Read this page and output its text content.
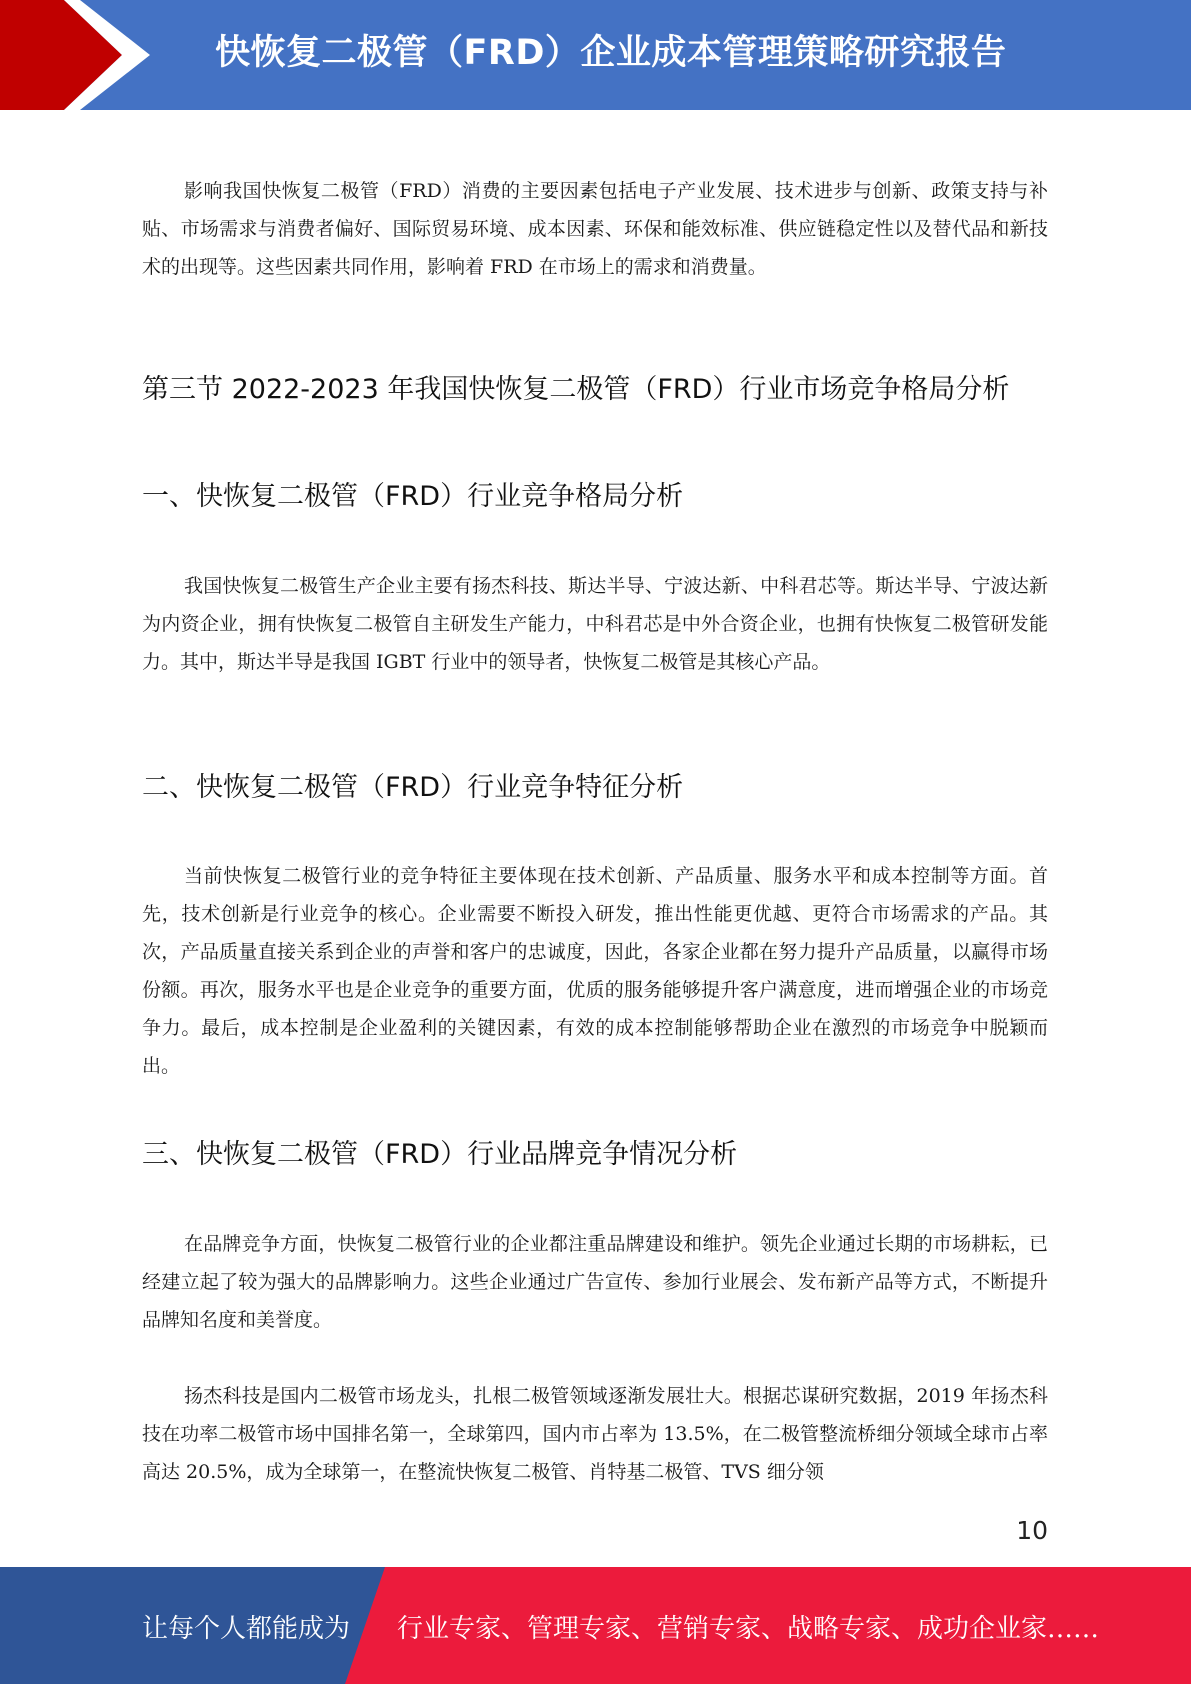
快恢复二极管（FRD）企业成本管理策略研究报告

影响我国快恢复二极管（FRD）消费的主要因素包括电子产业发展、技术进步与创新、政策支持与补贴、市场需求与消费者偏好、国际贸易环境、成本因素、环保和能效标准、供应链稳定性以及替代品和新技术的出现等。这些因素共同作用，影响着 FRD 在市场上的需求和消费量。

第三节 2022-2023 年我国快恢复二极管（FRD）行业市场竞争格局分析
一、快恢复二极管（FRD）行业竞争格局分析

我国快恢复二极管生产企业主要有扬杰科技、斯达半导、宁波达新、中科君芯等。斯达半导、宁波达新为内资企业，拥有快恢复二极管自主研发生产能力，中科君芯是中外合资企业，也拥有快恢复二极管研发能力。其中，斯达半导是我国 IGBT 行业中的领导者，快恢复二极管是其核心产品。

二、快恢复二极管（FRD）行业竞争特征分析

当前快恢复二极管行业的竞争特征主要体现在技术创新、产品质量、服务水平和成本控制等方面。首先，技术创新是行业竞争的核心。企业需要不断投入研发，推出性能更优越、更符合市场需求的产品。其次，产品质量直接关系到企业的声誉和客户的忠诚度，因此，各家企业都在努力提升产品质量，以赢得市场份额。再次，服务水平也是企业竞争的重要方面，优质的服务能够提升客户满意度，进而增强企业的市场竞争力。最后，成本控制是企业盈利的关键因素，有效的成本控制能够帮助企业在激烈的市场竞争中脱颖而出。

三、快恢复二极管（FRD）行业品牌竞争情况分析

在品牌竞争方面，快恢复二极管行业的企业都注重品牌建设和维护。领先企业通过长期的市场耕耘，已经建立起了较为强大的品牌影响力。这些企业通过广告宣传、参加行业展会、发布新产品等方式，不断提升品牌知名度和美誉度。

扬杰科技是国内二极管市场龙头，扎根二极管领域逐渐发展壮大。根据芯谋研究数据，2019 年扬杰科技在功率二极管市场中国排名第一，全球第四，国内市占率为 13.5%，在二极管整流桥细分领域全球市占率高达 20.5%，成为全球第一，在整流快恢复二极管、肖特基二极管、TVS 细分领

10
让每个人都能成为 行业专家、管理专家、营销专家、战略专家、成功企业家……
